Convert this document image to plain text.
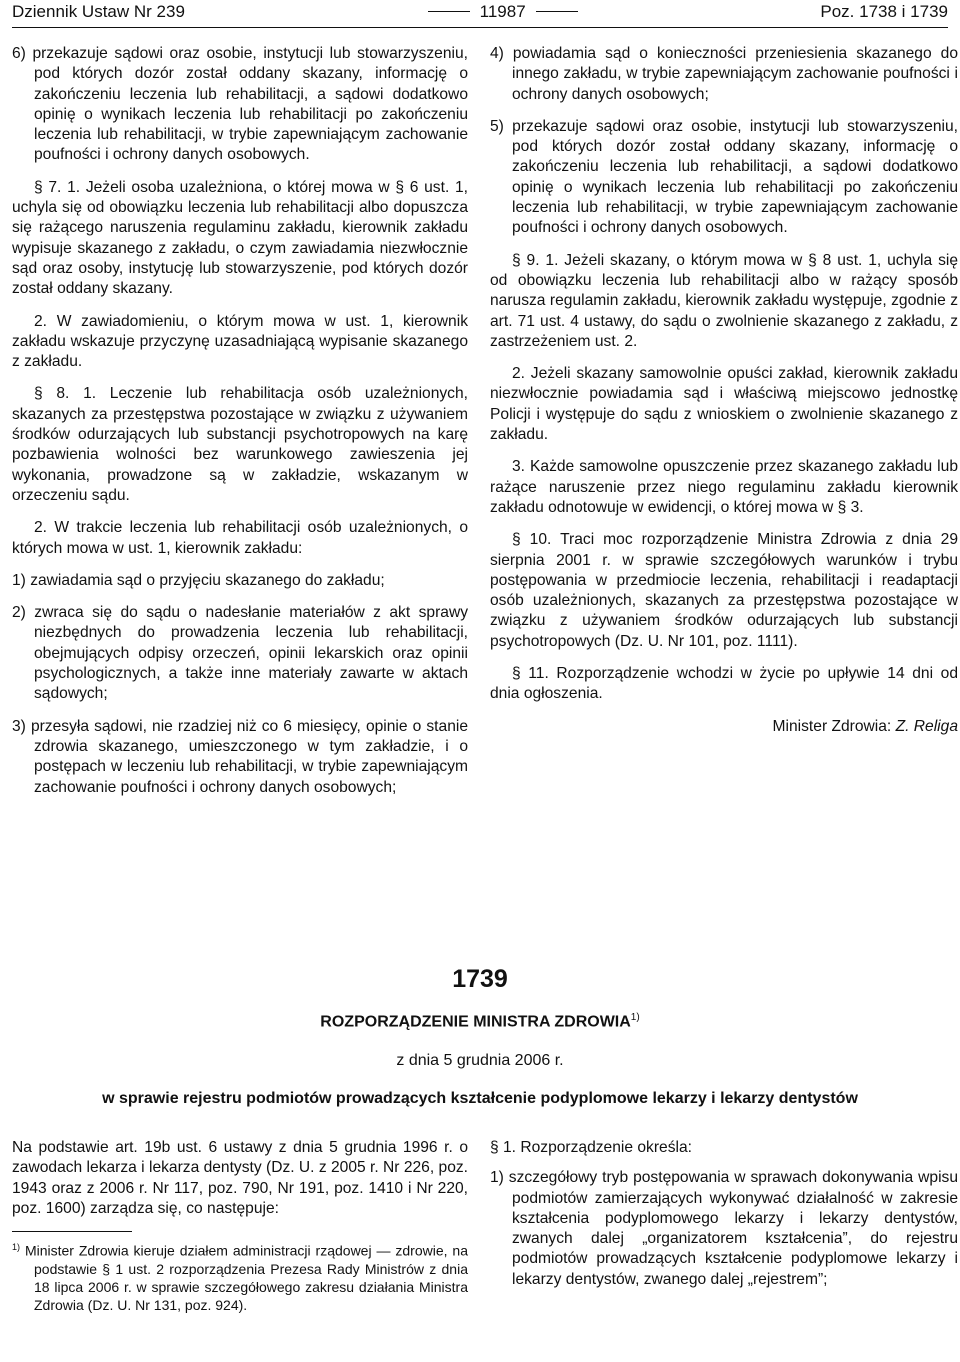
Dziennik Ustaw Nr 239	11987	Poz. 1738 i 1739

6) przekazuje sądowi oraz osobie, instytucji lub stowarzyszeniu, pod których dozór został oddany skazany, informację o zakończeniu leczenia lub rehabilitacji, a sądowi dodatkowo opinię o wynikach leczenia lub rehabilitacji po zakończeniu leczenia lub rehabilitacji, w trybie zapewniającym zachowanie poufności i ochrony danych osobowych.

§ 7. 1. Jeżeli osoba uzależniona, o której mowa w § 6 ust. 1, uchyla się od obowiązku leczenia lub rehabilitacji albo dopuszcza się rażącego naruszenia regulaminu zakładu, kierownik zakładu wypisuje skazanego z zakładu, o czym zawiadamia niezwłocznie sąd oraz osoby, instytucję lub stowarzyszenie, pod których dozór został oddany skazany.

2. W zawiadomieniu, o którym mowa w ust. 1, kierownik zakładu wskazuje przyczynę uzasadniającą wypisanie skazanego z zakładu.

§ 8. 1. Leczenie lub rehabilitacja osób uzależnionych, skazanych za przestępstwa pozostające w związku z używaniem środków odurzających lub substancji psychotropowych na karę pozbawienia wolności bez warunkowego zawieszenia jej wykonania, prowadzone są w zakładzie, wskazanym w orzeczeniu sądu.

2. W trakcie leczenia lub rehabilitacji osób uzależnionych, o których mowa w ust. 1, kierownik zakładu:

1) zawiadamia sąd o przyjęciu skazanego do zakładu;

2) zwraca się do sądu o nadesłanie materiałów z akt sprawy niezbędnych do prowadzenia leczenia lub rehabilitacji, obejmujących odpisy orzeczeń, opinii lekarskich oraz opinii psychologicznych, a także inne materiały zawarte w aktach sądowych;

3) przesyła sądowi, nie rzadziej niż co 6 miesięcy, opinie o stanie zdrowia skazanego, umieszczonego w tym zakładzie, i o postępach w leczeniu lub rehabilitacji, w trybie zapewniającym zachowanie poufności i ochrony danych osobowych;

4) powiadamia sąd o konieczności przeniesienia skazanego do innego zakładu, w trybie zapewniającym zachowanie poufności i ochrony danych osobowych;

5) przekazuje sądowi oraz osobie, instytucji lub stowarzyszeniu, pod których dozór został oddany skazany, informację o zakończeniu leczenia lub rehabilitacji, a sądowi dodatkowo opinię o wynikach leczenia lub rehabilitacji po zakończeniu leczenia lub rehabilitacji, w trybie zapewniającym zachowanie poufności i ochrony danych osobowych.

§ 9. 1. Jeżeli skazany, o którym mowa w § 8 ust. 1, uchyla się od obowiązku leczenia lub rehabilitacji albo w rażący sposób narusza regulamin zakładu, kierownik zakładu występuje, zgodnie z art. 71 ust. 4 ustawy, do sądu o zwolnienie skazanego z zakładu, z zastrzeżeniem ust. 2.

2. Jeżeli skazany samowolnie opuści zakład, kierownik zakładu niezwłocznie powiadamia sąd i właściwą miejscowo jednostkę Policji i występuje do sądu z wnioskiem o zwolnienie skazanego z zakładu.

3. Każde samowolne opuszczenie przez skazanego zakładu lub rażące naruszenie przez niego regulaminu zakładu kierownik zakładu odnotowuje w ewidencji, o której mowa w § 3.

§ 10. Traci moc rozporządzenie Ministra Zdrowia z dnia 29 sierpnia 2001 r. w sprawie szczegółowych warunków i trybu postępowania w przedmiocie leczenia, rehabilitacji i readaptacji osób uzależnionych, skazanych za przestępstwa pozostające w związku z używaniem środków odurzających lub substancji psychotropowych (Dz. U. Nr 101, poz. 1111).

§ 11. Rozporządzenie wchodzi w życie po upływie 14 dni od dnia ogłoszenia.

Minister Zdrowia: Z. Religa

1739
ROZPORZĄDZENIE MINISTRA ZDROWIA$^{1)}$
z dnia 5 grudnia 2006 r.
w sprawie rejestru podmiotów prowadzących kształcenie podyplomowe lekarzy i lekarzy dentystów

Na podstawie art. 19b ust. 6 ustawy z dnia 5 grudnia 1996 r. o zawodach lekarza i lekarza dentysty (Dz. U. z 2005 r. Nr 226, poz. 1943 oraz z 2006 r. Nr 117, poz. 790, Nr 191, poz. 1410 i Nr 220, poz. 1600) zarządza się, co następuje:

$^{1)}$ Minister Zdrowia kieruje działem administracji rządowej — zdrowie, na podstawie § 1 ust. 2 rozporządzenia Prezesa Rady Ministrów z dnia 18 lipca 2006 r. w sprawie szczegółowego zakresu działania Ministra Zdrowia (Dz. U. Nr 131, poz. 924).

§ 1. Rozporządzenie określa:

1) szczegółowy tryb postępowania w sprawach dokonywania wpisu podmiotów zamierzających wykonywać działalność w zakresie kształcenia podyplomowego lekarzy i lekarzy dentystów, zwanych dalej „organizatorem kształcenia”, do rejestru podmiotów prowadzących kształcenie podyplomowe lekarzy i lekarzy dentystów, zwanego dalej „rejestrem”;
